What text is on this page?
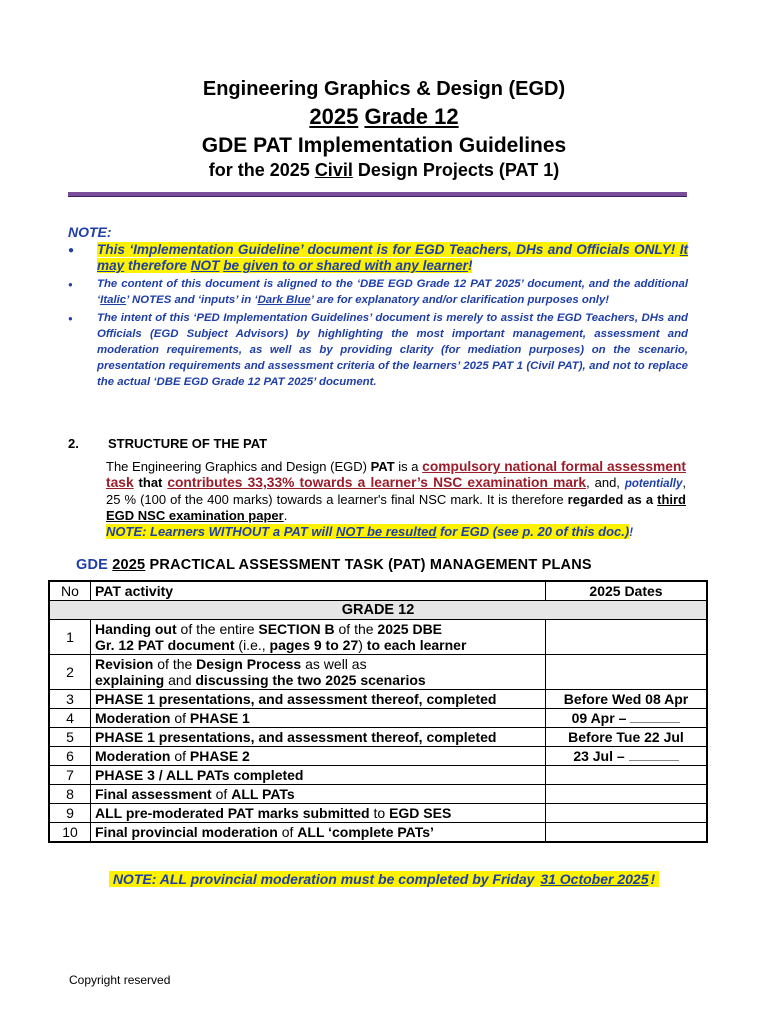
Engineering Graphics & Design (EGD)
2025 Grade 12
GDE PAT Implementation Guidelines
for the 2025 Civil Design Projects (PAT 1)
NOTE:
● This ‘Implementation Guideline’ document is for EGD Teachers, DHs and Officials ONLY! It may therefore NOT be given to or shared with any learner!
● The content of this document is aligned to the ‘DBE EGD Grade 12 PAT 2025’ document, and the additional ‘Italic’ NOTES and ‘inputs’ in ‘Dark Blue’ are for explanatory and/or clarification purposes only!
● The intent of this ‘PED Implementation Guidelines’ document is merely to assist the EGD Teachers, DHs and Officials (EGD Subject Advisors) by highlighting the most important management, assessment and moderation requirements, as well as by providing clarity (for mediation purposes) on the scenario, presentation requirements and assessment criteria of the learners’ 2025 PAT 1 (Civil PAT), and not to replace the actual ‘DBE EGD Grade 12 PAT 2025’ document.
2. STRUCTURE OF THE PAT
The Engineering Graphics and Design (EGD) PAT is a compulsory national formal assessment task that contributes 33,33% towards a learner’s NSC examination mark, and, potentially, 25 % (100 of the 400 marks) towards a learner's final NSC mark. It is therefore regarded as a third EGD NSC examination paper.
NOTE: Learners WITHOUT a PAT will NOT be resulted for EGD (see p. 20 of this doc.)!
GDE 2025 PRACTICAL ASSESSMENT TASK (PAT) MANAGEMENT PLANS
No	PAT activity	2025 Dates
GRADE 12		
1	Handing out of the entire SECTION B of the 2025 DBE
Gr. 12 PAT document (i.e., pages 9 to 27) to each learner	
2	Revision of the Design Process as well as
explaining and discussing the two 2025 scenarios	
3	PHASE 1 presentations, and assessment thereof, completed	Before Wed 08 Apr
4	Moderation of PHASE 1	09 Apr –
5	PHASE 1 presentations, and assessment thereof, completed	Before Tue 22 Jul
6	Moderation of PHASE 2	23 Jul –
7	PHASE 3 / ALL PATs completed	
8	Final assessment of ALL PATs	
9	ALL pre-moderated PAT marks submitted to EGD SES	
10	Final provincial moderation of ALL ‘complete PATs’	
NOTE: ALL provincial moderation must be completed by Friday 31 October 2025 !
Copyright reserved
